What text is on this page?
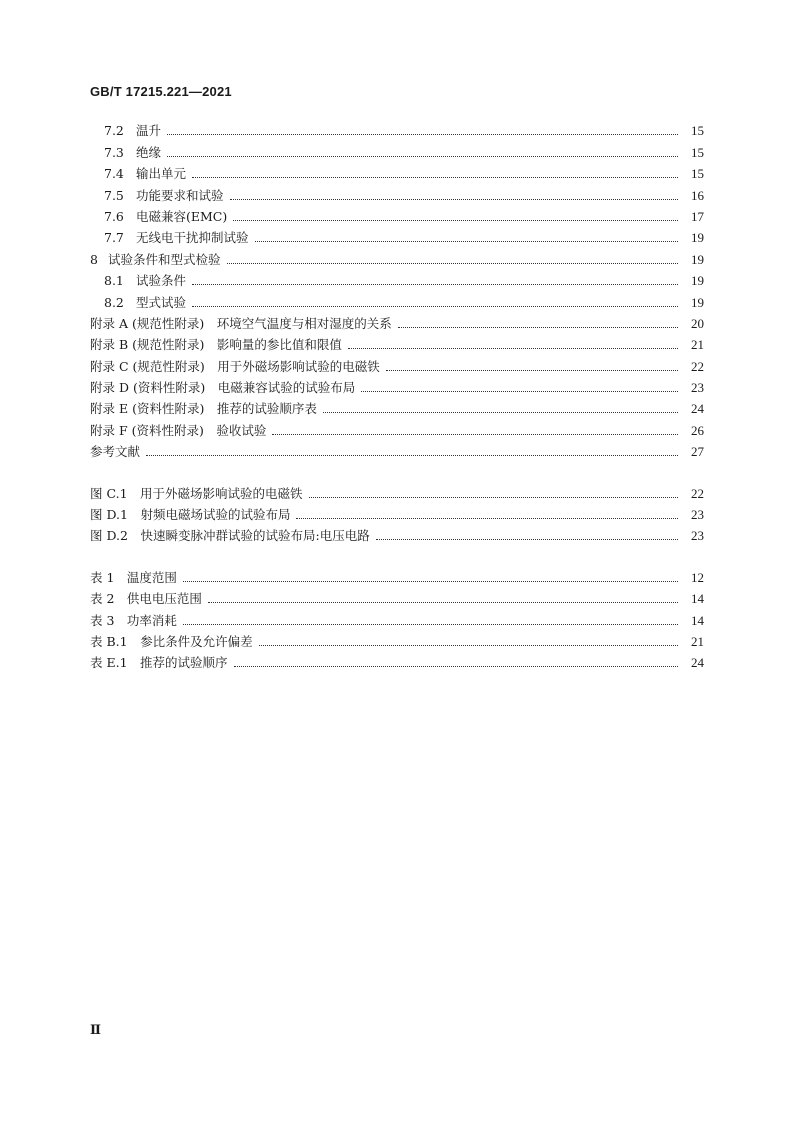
GB/T 17215.221—2021
7.2 温升	15
7.3 绝缘	15
7.4 输出单元	15
7.5 功能要求和试验	16
7.6 电磁兼容(EMC)	17
7.7 无线电干扰抑制试验	19
8 试验条件和型式检验	19
8.1 试验条件	19
8.2 型式试验	19
附录 A (规范性附录)　环境空气温度与相对湿度的关系	20
附录 B (规范性附录)　影响量的参比值和限值	21
附录 C (规范性附录)　用于外磁场影响试验的电磁铁	22
附录 D (资料性附录)　电磁兼容试验的试验布局	23
附录 E (资料性附录)　推荐的试验顺序表	24
附录 F (资料性附录)　验收试验	26
参考文献	27
图 C.1　用于外磁场影响试验的电磁铁	22
图 D.1　射频电磁场试验的试验布局	23
图 D.2　快速瞬变脉冲群试验的试验布局:电压电路	23
表 1　温度范围	12
表 2　供电电压范围	14
表 3　功率消耗	14
表 B.1　参比条件及允许偏差	21
表 E.1　推荐的试验顺序	24
Ⅱ
